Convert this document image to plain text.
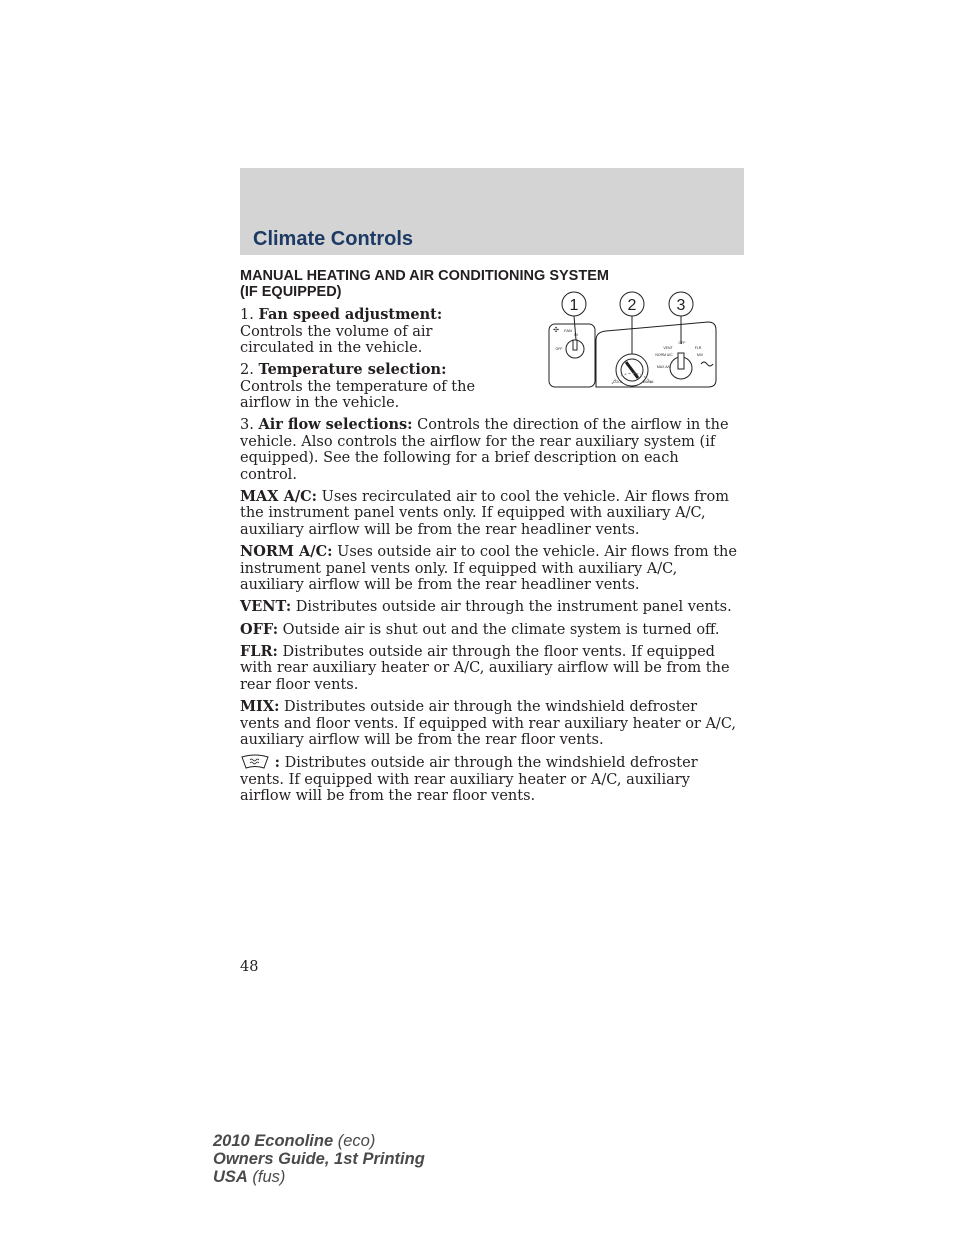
Climate Controls
MANUAL HEATING AND AIR CONDITIONING SYSTEM
(IF EQUIPPED)
1	2	3
✣ FAN
OFF
HI
COOL	WARM
OFF
VENT	FLR
NORM A/C	MIX
MAX A/C

1. Fan speed adjustment: Controls the volume of air circulated in the vehicle.

2. Temperature selection: Controls the temperature of the airflow in the vehicle.

3. Air flow selections: Controls the direction of the airflow in the vehicle. Also controls the airflow for the rear auxiliary system (if equipped). See the following for a brief description on each control.

MAX A/C: Uses recirculated air to cool the vehicle. Air flows from the instrument panel vents only. If equipped with auxiliary A/C, auxiliary airflow will be from the rear headliner vents.

NORM A/C: Uses outside air to cool the vehicle. Air flows from the instrument panel vents only. If equipped with auxiliary A/C, auxiliary airflow will be from the rear headliner vents.

VENT: Distributes outside air through the instrument panel vents.

OFF: Outside air is shut out and the climate system is turned off.

FLR: Distributes outside air through the floor vents. If equipped with rear auxiliary heater or A/C, auxiliary airflow will be from the rear floor vents.

MIX: Distributes outside air through the windshield defroster vents and floor vents. If equipped with rear auxiliary heater or A/C, auxiliary airflow will be from the rear floor vents.

: Distributes outside air through the windshield defroster vents. If equipped with rear auxiliary heater or A/C, auxiliary airflow will be from the rear floor vents.

48
2010 Econoline (eco)
Owners Guide, 1st Printing
USA (fus)
